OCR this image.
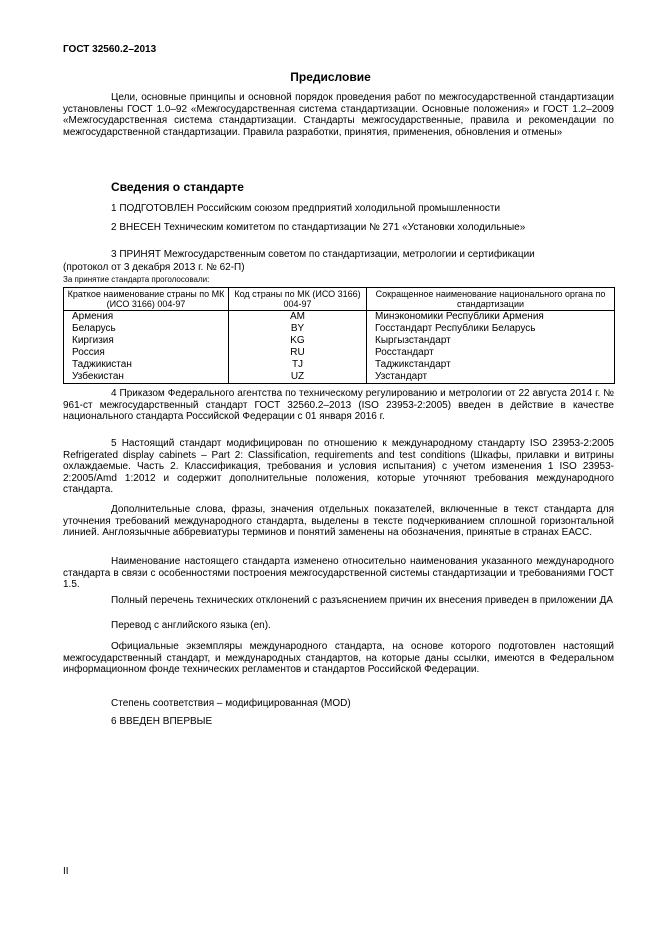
ГОСТ 32560.2–2013
Предисловие
Цели, основные принципы и основной порядок проведения работ по межгосударственной стандартизации установлены ГОСТ 1.0–92 «Межгосударственная система стандартизации. Основные положения» и ГОСТ 1.2–2009 «Межгосударственная система стандартизации. Стандарты межгосударственные, правила и рекомендации по межгосударственной стандартизации. Правила разработки, принятия, применения, обновления и отмены»
Сведения о стандарте
1 ПОДГОТОВЛЕН Российским союзом предприятий холодильной промышленности
2 ВНЕСЕН Техническим комитетом по стандартизации № 271 «Установки холодильные»
3 ПРИНЯТ Межгосударственным советом по стандартизации, метрологии и сертификации
(протокол от 3 декабря 2013 г. № 62-П)
За принятие стандарта проголосовали:
Краткое наименование страны по МК (ИСО 3166) 004-97	Код страны по МК (ИСО 3166) 004-97	Сокращенное наименование национального органа по стандартизации
Армения	AM	Минэкономики Республики Армения
Беларусь	BY	Госстандарт Республики Беларусь
Киргизия	KG	Кыргызстандарт
Россия	RU	Росстандарт
Таджикистан	TJ	Таджикстандарт
Узбекистан	UZ	Узстандарт
4 Приказом Федерального агентства по техническому регулированию и метрологии от 22 августа 2014 г. № 961-ст межгосударственный стандарт ГОСТ 32560.2–2013 (ISO 23953-2:2005) введен в действие в качестве национального стандарта Российской Федерации с 01 января 2016 г.
5 Настоящий стандарт модифицирован по отношению к международному стандарту ISO 23953-2:2005 Refrigerated display cabinets – Part 2: Classification, requirements and test conditions (Шкафы, прилавки и витрины охлаждаемые. Часть 2. Классификация, требования и условия испытания) с учетом изменения 1 ISO 23953-2:2005/Amd 1:2012 и содержит дополнительные положения, которые уточняют требования международного стандарта.
Дополнительные слова, фразы, значения отдельных показателей, включенные в текст стандарта для уточнения требований международного стандарта, выделены в тексте подчеркиванием сплошной горизонтальной линией. Англоязычные аббревиатуры терминов и понятий заменены на обозначения, принятые в странах ЕАСС.
Наименование настоящего стандарта изменено относительно наименования указанного международного стандарта в связи с особенностями построения межгосударственной системы стандартизации и требованиями ГОСТ 1.5.
Полный перечень технических отклонений с разъяснением причин их внесения приведен в приложении ДА
Перевод с английского языка (en).
Официальные экземпляры международного стандарта, на основе которого подготовлен настоящий межгосударственный стандарт, и международных стандартов, на которые даны ссылки, имеются в Федеральном информационном фонде технических регламентов и стандартов Российской Федерации.
Степень соответствия – модифицированная (MOD)
6 ВВЕДЕН ВПЕРВЫЕ
II
